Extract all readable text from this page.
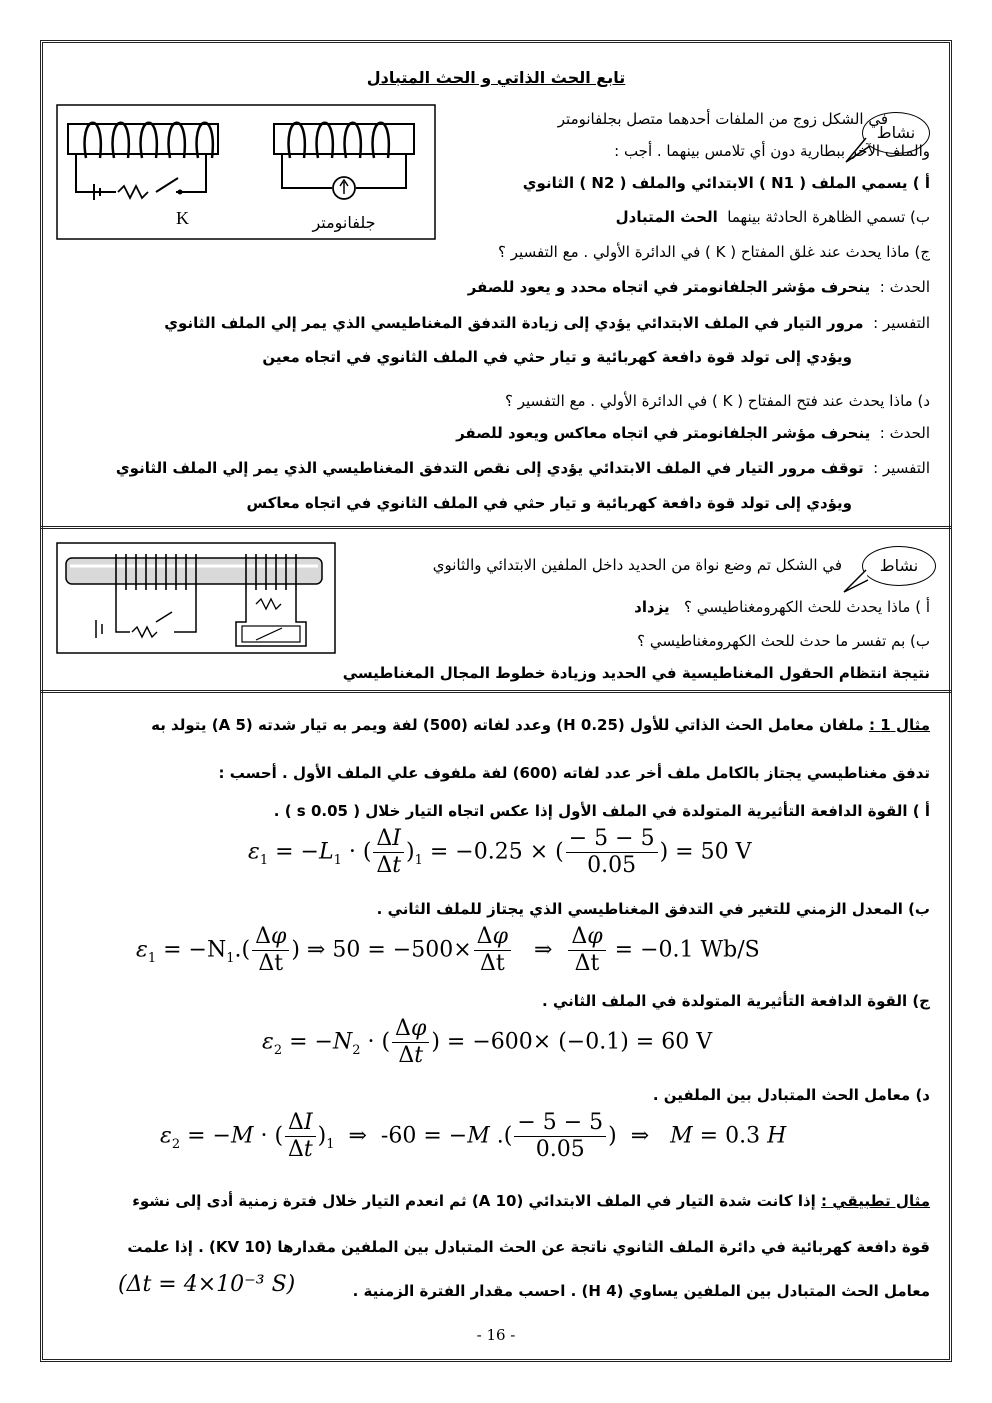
تابع الحث الذاتي و الحث المتبادل
K	جلفانومتر
نشاط
في الشكل زوج من الملفات أحدهما متصل بجلفانومتر
والملف الآخر ببطارية دون أي تلامس بينهما . أجب :
أ ) يسمي الملف ( N1 ) الابتدائي والملف ( N2 ) الثانوي
ب) تسمي الظاهرة الحادثة بينهما  الحث المتبادل
ج) ماذا يحدث عند غلق المفتاح ( K ) في الدائرة الأولي . مع التفسير ؟
الحدث :  ينحرف مؤشر الجلفانومتر في اتجاه محدد و يعود للصفر
التفسير :  مرور التيار في الملف الابتدائي يؤدي إلى زيادة التدفق المغناطيسي الذي يمر إلي الملف الثانوي
ويؤدي إلى تولد قوة دافعة كهربائية و تيار حثي في الملف الثانوي في اتجاه معين
د) ماذا يحدث عند فتح المفتاح ( K ) في الدائرة الأولي . مع التفسير ؟
الحدث :  ينحرف مؤشر الجلفانومتر في اتجاه معاكس ويعود للصفر
التفسير :  توقف مرور التيار في الملف الابتدائي يؤدي إلى نقص التدفق المغناطيسي الذي يمر إلي الملف الثانوي
ويؤدي إلى تولد قوة دافعة كهربائية و تيار حثي في الملف الثانوي في اتجاه معاكس
نشاط
في الشكل تم وضع نواة من الحديد داخل الملفين الابتدائي والثانوي
أ ) ماذا يحدث للحث الكهرومغناطيسي ؟   يزداد
ب) بم تفسر ما حدث للحث الكهرومغناطيسي ؟
نتيجة انتظام الحقول المغناطيسية في الحديد وزيادة خطوط المجال المغناطيسي
مثال 1 : ملفان معامل الحث الذاتي للأول (H 0.25) وعدد لفاته (500) لفة ويمر به تيار شدته (A 5) يتولد به
تدفق مغناطيسي يجتاز بالكامل ملف أخر عدد لفاته (600) لفة ملفوف علي الملف الأول . أحسب :
أ ) القوة الدافعة التأثيرية المتولدة في الملف الأول إذا عكس اتجاه التيار خلال ( 0.05 s ) .
$\varepsilon_1 = -L_1$ · ( $\frac{\Delta I}{\Delta t} )_1 = -0.25$ × ( $\frac{- 5 - 5}{0.05}$ ) = 50 V
ب) المعدل الزمني للتغير في التدفق المغناطيسي الذي يجتاز للملف الثاني .
$\varepsilon_1 = -N_1.( \frac{\Delta\varphi}{\Delta t}$ ) ⇒ $50 = -500\times \frac{\Delta\varphi}{\Delta t}$ ⇒ $\frac{\Delta\varphi}{\Delta t} = -0.1$ Wb/S
ج) القوة الدافعة التأثيرية المتولدة في الملف الثاني .
$\varepsilon_2 = -N_2$ · ( $\frac{\Delta\varphi}{\Delta t}$ ) = −600× (−0.1) = 60 V
د) معامل الحث المتبادل بين الملفين .
$\varepsilon_2 = -M$ · ( $\frac{\Delta I}{\Delta t} )_1$  ⇒  -60 = −M .( $\frac{- 5 - 5}{0.05}$ )  ⇒   M = 0.3 H
مثال تطبيقي : إذا كانت شدة التيار في الملف الابتدائي (A 10) ثم انعدم التيار خلال فترة زمنية أدى إلى نشوء
قوة دافعة كهربائية في دائرة الملف الثانوي ناتجة عن الحث المتبادل بين الملفين مقدارها (KV 10) . إذا علمت
معامل الحث المتبادل بين الملفين يساوي (H 4) . احسب مقدار الفترة الزمنية .
(Δt = 4×10⁻³ S)
- 16 -
